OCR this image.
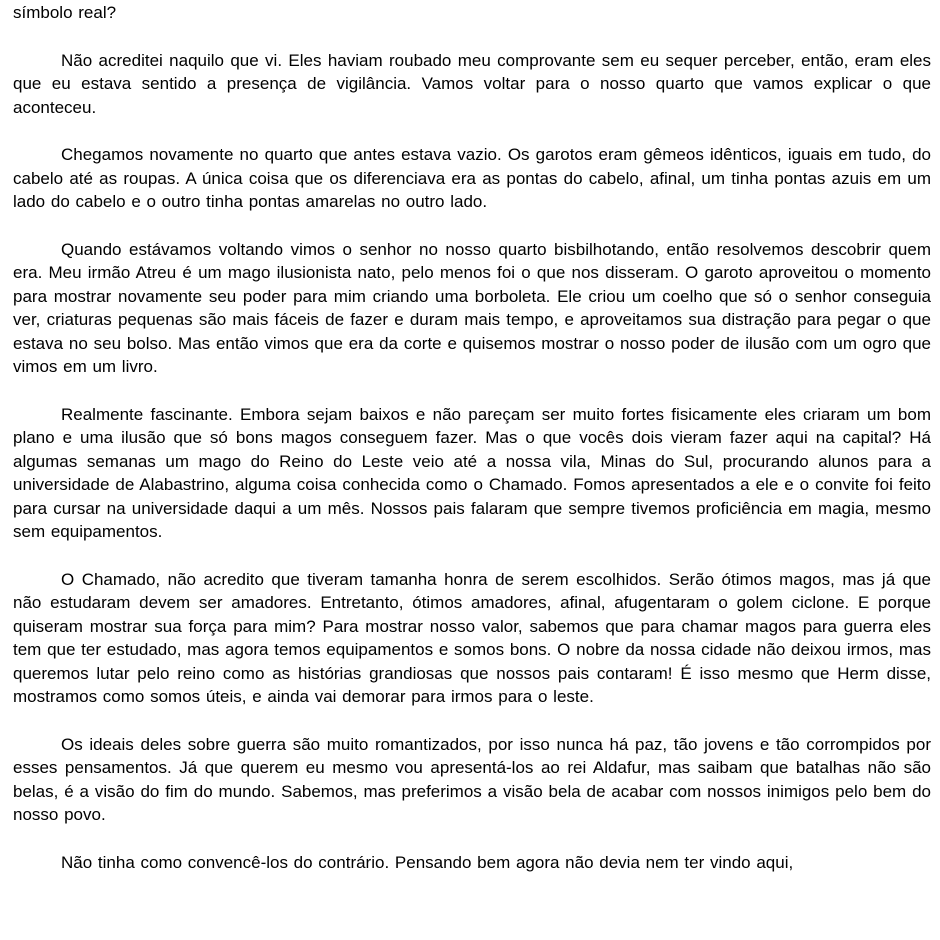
símbolo real?

Não acreditei naquilo que vi. Eles haviam roubado meu comprovante sem eu sequer perceber, então, eram eles que eu estava sentido a presença de vigilância. Vamos voltar para o nosso quarto que vamos explicar o que aconteceu.

Chegamos novamente no quarto que antes estava vazio. Os garotos eram gêmeos idênticos, iguais em tudo, do cabelo até as roupas. A única coisa que os diferenciava era as pontas do cabelo, afinal, um tinha pontas azuis em um lado do cabelo e o outro tinha pontas amarelas no outro lado.

Quando estávamos voltando vimos o senhor no nosso quarto bisbilhotando, então resolvemos descobrir quem era. Meu irmão Atreu é um mago ilusionista nato, pelo menos foi o que nos disseram. O garoto aproveitou o momento para mostrar novamente seu poder para mim criando uma borboleta. Ele criou um coelho que só o senhor conseguia ver, criaturas pequenas são mais fáceis de fazer e duram mais tempo, e aproveitamos sua distração para pegar o que estava no seu bolso. Mas então vimos que era da corte e quisemos mostrar o nosso poder de ilusão com um ogro que vimos em um livro.

Realmente fascinante. Embora sejam baixos e não pareçam ser muito fortes fisicamente eles criaram um bom plano e uma ilusão que só bons magos conseguem fazer. Mas o que vocês dois vieram fazer aqui na capital? Há algumas semanas um mago do Reino do Leste veio até a nossa vila, Minas do Sul, procurando alunos para a universidade de Alabastrino, alguma coisa conhecida como o Chamado. Fomos apresentados a ele e o convite foi feito para cursar na universidade daqui a um mês. Nossos pais falaram que sempre tivemos proficiência em magia, mesmo sem equipamentos.

O Chamado, não acredito que tiveram tamanha honra de serem escolhidos. Serão ótimos magos, mas já que não estudaram devem ser amadores. Entretanto, ótimos amadores, afinal, afugentaram o golem ciclone. E porque quiseram mostrar sua força para mim? Para mostrar nosso valor, sabemos que para chamar magos para guerra eles tem que ter estudado, mas agora temos equipamentos e somos bons. O nobre da nossa cidade não deixou irmos, mas queremos lutar pelo reino como as histórias grandiosas que nossos pais contaram! É isso mesmo que Herm disse, mostramos como somos úteis, e ainda vai demorar para irmos para o leste.

Os ideais deles sobre guerra são muito romantizados, por isso nunca há paz, tão jovens e tão corrompidos por esses pensamentos. Já que querem eu mesmo vou apresentá-los ao rei Aldafur, mas saibam que batalhas não são belas, é a visão do fim do mundo. Sabemos, mas preferimos a visão bela de acabar com nossos inimigos pelo bem do nosso povo.

Não tinha como convencê-los do contrário. Pensando bem agora não devia nem ter vindo aqui,
